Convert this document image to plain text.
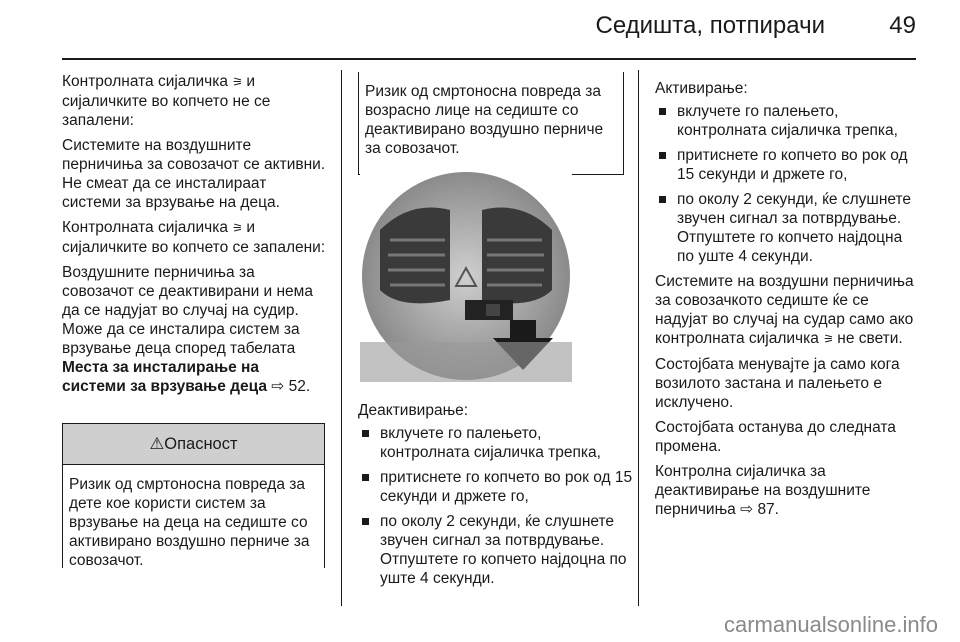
Седишта, потпирачи	49

Контролната сијаличка ⚞ и сијаличките во копчето не се запалени:

Системите на воздушните перничиња за совозачот се активни. Не смеат да се инсталираат системи за врзување на деца.

Контролната сијаличка ⚞ и сијаличките во копчето се запалени:

Воздушните перничиња за совозачот се деактивирани и нема да се надујат во случај на судир. Може да се инсталира систем за врзување деца според табелата Места за инсталирање на системи за врзување деца ⇨ 52.

⚠Опасност
Ризик од смртоносна повреда за дете кое користи систем за врзување на деца на седиште со активирано воздушно перниче за совозачот.
Ризик од смртоносна повреда за возрасно лице на седиште со деактивирано воздушно перниче за совозачот.
Деактивирање:
вклучете го палењето, контролната сијаличка трепка,
притиснете го копчето во рок од 15 секунди и држете го,
по околу 2 секунди, ќе слушнете звучен сигнал за потврдување. Отпуштете го копчето најдоцна по уште 4 секунди.
Активирање:
вклучете го палењето, контролната сијаличка трепка,
притиснете го копчето во рок од 15 секунди и држете го,
по околу 2 секунди, ќе слушнете звучен сигнал за потврдување. Отпуштете го копчето најдоцна по уште 4 секунди.

Системите на воздушни перничиња за совозачкото седиште ќе се надујат во случај на судар само ако контролната сијаличка ⚞ не свети.

Состојбата менувајте ја само кога возилото застана и палењето е исклучено.

Состојбата останува до следната промена.

Контролна сијаличка за деактивирање на воздушните перничиња ⇨ 87.

carmanualsonline.info
